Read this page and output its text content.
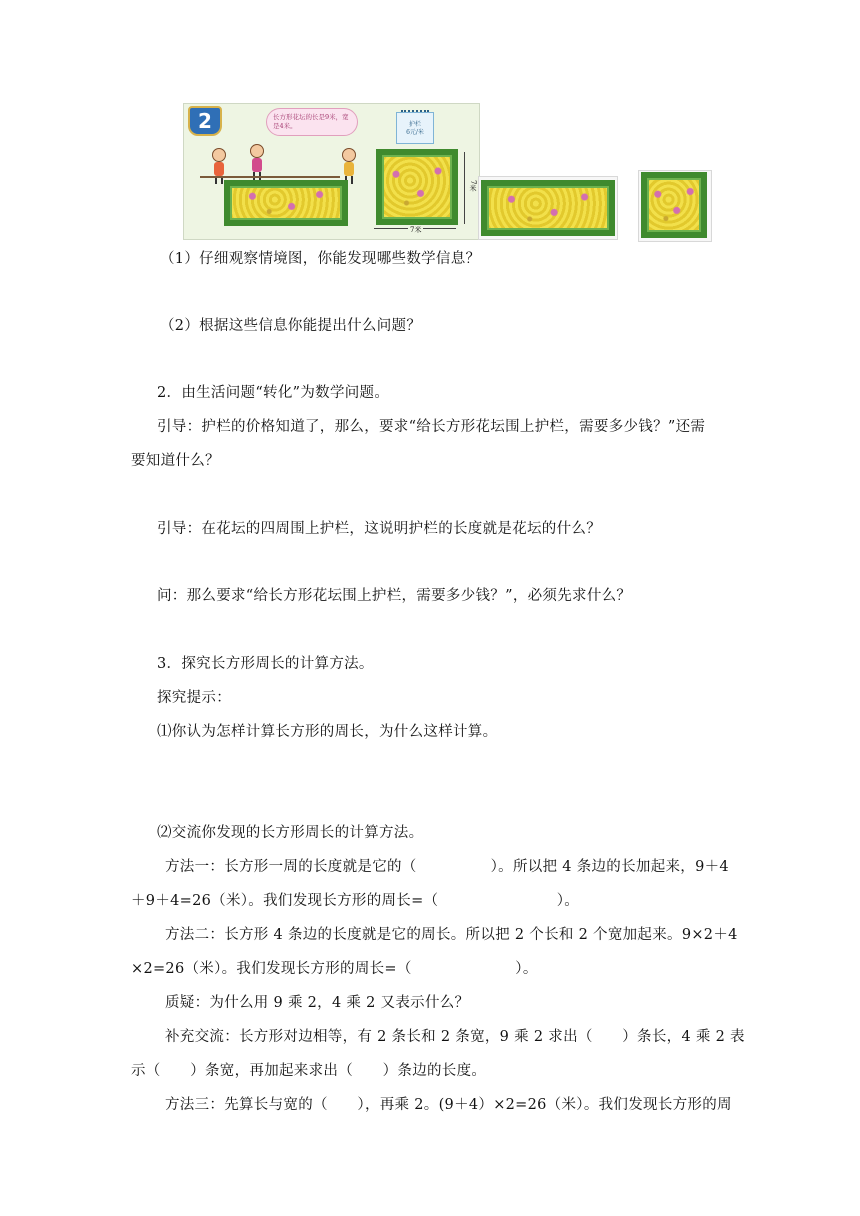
2	长方形花坛的长是9米，宽是4米。	护栏
6元/米
7米
7米
（1）仔细观察情境图，你能发现哪些数学信息？
（2）根据这些信息你能提出什么问题？
2．由生活问题“转化”为数学问题。
引导：护栏的价格知道了，那么，要求“给长方形花坛围上护栏，需要多少钱？”还需
要知道什么？
引导：在花坛的四周围上护栏，这说明护栏的长度就是花坛的什么？
问：那么要求“给长方形花坛围上护栏，需要多少钱？”，必须先求什么？
3．探究长方形周长的计算方法。
探究提示：
⑴你认为怎样计算长方形的周长，为什么这样计算。
⑵交流你发现的长方形周长的计算方法。
方法一：长方形一周的长度就是它的（　　　　　）。所以把 4 条边的长加起来，9＋4
＋9＋4=26（米）。我们发现长方形的周长=（　　　　　　　　）。
方法二：长方形 4 条边的长度就是它的周长。所以把 2 个长和 2 个宽加起来。9×2＋4
×2=26（米）。我们发现长方形的周长=（　　　　　　　）。
质疑：为什么用 9 乘 2，4 乘 2 又表示什么？
补充交流：长方形对边相等，有 2 条长和 2 条宽，9 乘 2 求出（　　）条长，4 乘 2 表
示（　　）条宽，再加起来求出（　　）条边的长度。
方法三：先算长与宽的（　　），再乘 2。(9＋4）×2=26（米）。我们发现长方形的周
